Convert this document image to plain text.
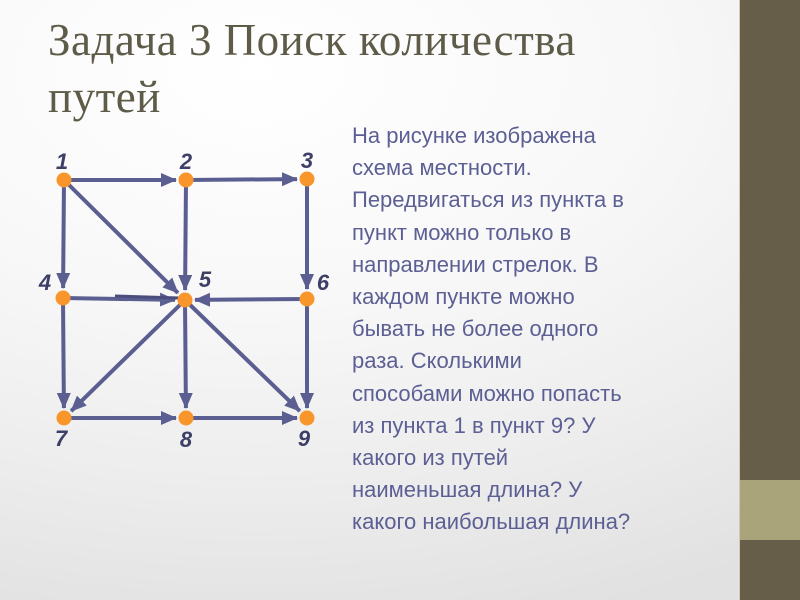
Задача 3 Поиск количества
путей
1	2	3
4	5	6
7	8	9
На рисунке изображена
схема местности.
Передвигаться из пункта в
пункт можно только в
направлении стрелок. В
каждом пункте можно
бывать не более одного
раза. Сколькими
способами можно попасть
из пункта 1 в пункт 9? У
какого из путей
наименьшая длина? У
какого наибольшая длина?
